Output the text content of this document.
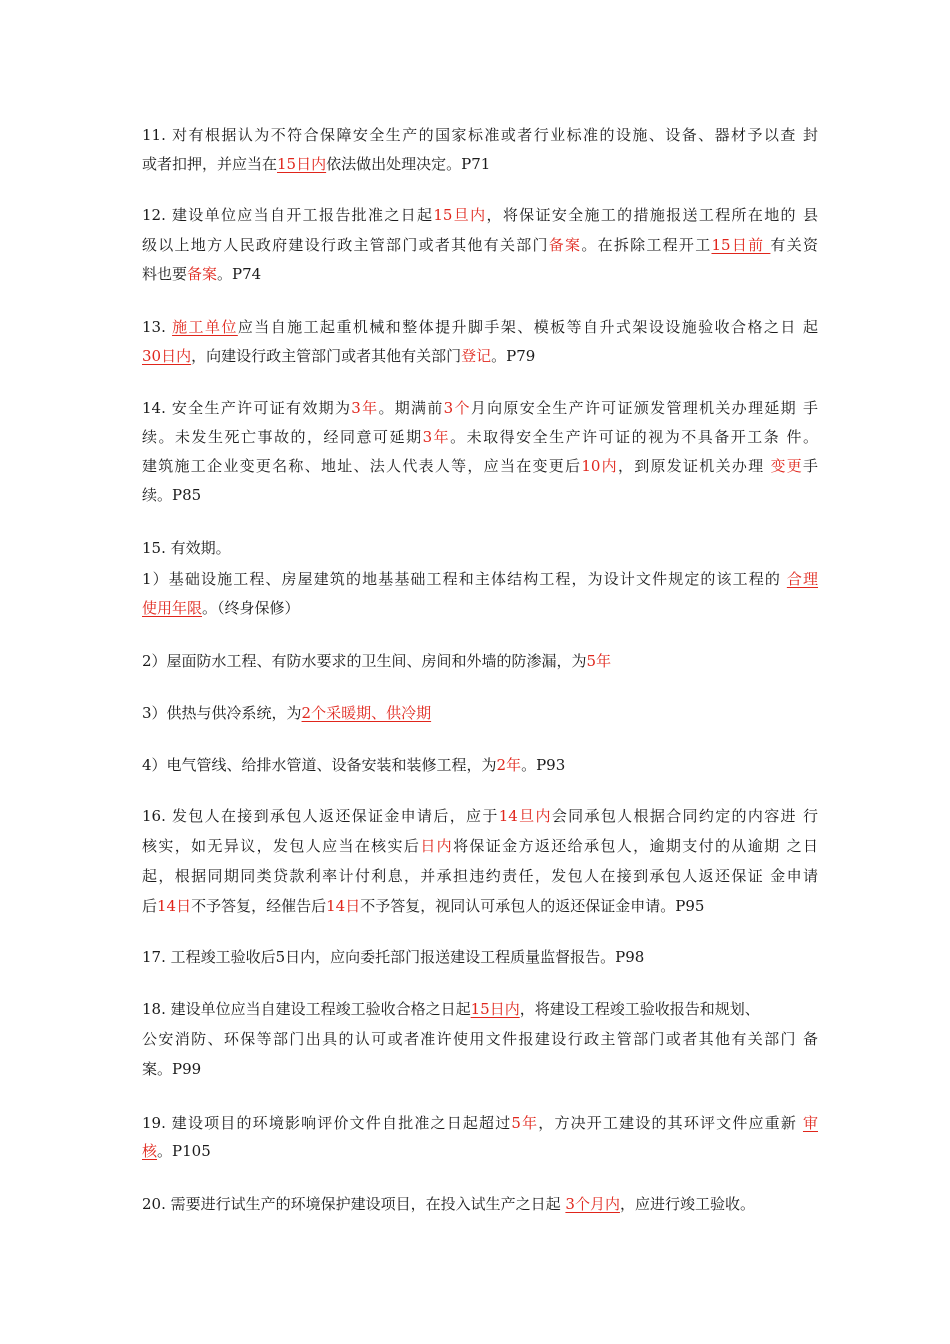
11. 对有根据认为不符合保障安全生产的国家标准或者行业标准的设施、设备、器材予以查 封
或者扣押，并应当在15日内依法做出处理决定。P71
12. 建设单位应当自开工报告批准之日起15旦内，将保证安全施工的措施报送工程所在地的 县
级以上地方人民政府建设行政主管部门或者其他有关部门备案。在拆除工程开工15日前 有关资
料也要备案。P74
13. 施工单位应当自施工起重机械和整体提升脚手架、模板等自升式架设设施验收合格之日 起
30日内，向建设行政主管部门或者其他有关部门登记。P79
14. 安全生产许可证有效期为3年。期满前3个月向原安全生产许可证颁发管理机关办理延期 手
续。未发生死亡事故的，经同意可延期3年。未取得安全生产许可证的视为不具备开工条 件。
建筑施工企业变更名称、地址、法人代表人等，应当在变更后10内，到原发证机关办理 变更手
续。P85
15. 有效期。
1）基础设施工程、房屋建筑的地基基础工程和主体结构工程，为设计文件规定的该工程的 合理
使用年限。（终身保修）
2）屋面防水工程、有防水要求的卫生间、房间和外墙的防渗漏，为5年
3）供热与供冷系统，为2个采暖期、供冷期
4）电气管线、给排水管道、设备安装和装修工程，为2年。P93
16. 发包人在接到承包人返还保证金申请后，应于14旦内会同承包人根据合同约定的内容进 行
核实，如无异议，发包人应当在核实后日内将保证金方返还给承包人，逾期支付的从逾期 之日
起，根据同期同类贷款利率计付利息，并承担违约责任，发包人在接到承包人返还保证 金申请
后14日不予答复，经催告后14日不予答复，视同认可承包人的返还保证金申请。P95
17. 工程竣工验收后5日内，应向委托部门报送建设工程质量监督报告。P98
18. 建设单位应当自建设工程竣工验收合格之日起15日内，将建设工程竣工验收报告和规划、
公安消防、环保等部门出具的认可或者准许使用文件报建设行政主管部门或者其他有关部门 备
案。P99
19. 建设项目的环境影响评价文件自批准之日起超过5年，方决开工建设的其环评文件应重新 审
核。P105
20. 需要进行试生产的环境保护建设项目，在投入试生产之日起 3个月内，应进行竣工验收。
